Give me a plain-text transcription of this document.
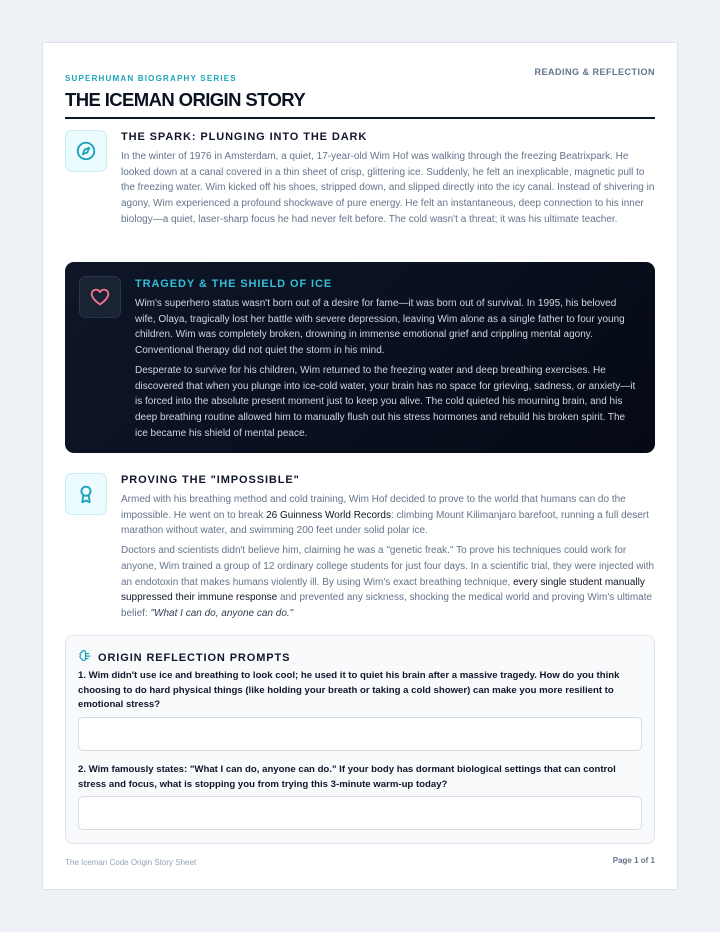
SUPERHUMAN BIOGRAPHY SERIES
READING & REFLECTION
THE ICEMAN ORIGIN STORY
THE SPARK: PLUNGING INTO THE DARK

In the winter of 1976 in Amsterdam, a quiet, 17-year-old Wim Hof was walking through the freezing Beatrixpark. He looked down at a canal covered in a thin sheet of crisp, glittering ice. Suddenly, he felt an inexplicable, magnetic pull to the freezing water. Wim kicked off his shoes, stripped down, and slipped directly into the icy canal. Instead of shivering in agony, Wim experienced a profound shockwave of pure energy. He felt an instantaneous, deep connection to his inner biology—a quiet, laser-sharp focus he had never felt before. The cold wasn't a threat; it was his ultimate teacher.

TRAGEDY & THE SHIELD OF ICE

Wim's superhero status wasn't born out of a desire for fame—it was born out of survival. In 1995, his beloved wife, Olaya, tragically lost her battle with severe depression, leaving Wim alone as a single father to four young children. Wim was completely broken, drowning in immense emotional grief and crippling mental agony. Conventional therapy did not quiet the storm in his mind.

Desperate to survive for his children, Wim returned to the freezing water and deep breathing exercises. He discovered that when you plunge into ice-cold water, your brain has no space for grieving, sadness, or anxiety—it is forced into the absolute present moment just to keep you alive. The cold quieted his mourning brain, and his deep breathing routine allowed him to manually flush out his stress hormones and rebuild his broken spirit. The ice became his shield of mental peace.

PROVING THE "IMPOSSIBLE"

Armed with his breathing method and cold training, Wim Hof decided to prove to the world that humans can do the impossible. He went on to break 26 Guinness World Records: climbing Mount Kilimanjaro barefoot, running a full desert marathon without water, and swimming 200 feet under solid polar ice.

Doctors and scientists didn't believe him, claiming he was a "genetic freak." To prove his techniques could work for anyone, Wim trained a group of 12 ordinary college students for just four days. In a scientific trial, they were injected with an endotoxin that makes humans violently ill. By using Wim's exact breathing technique, every single student manually suppressed their immune response and prevented any sickness, shocking the medical world and proving Wim's ultimate belief: "What I can do, anyone can do."

ORIGIN REFLECTION PROMPTS
1. Wim didn't use ice and breathing to look cool; he used it to quiet his brain after a massive tragedy. How do you think choosing to do hard physical things (like holding your breath or taking a cold shower) can make you more resilient to emotional stress?
2. Wim famously states: "What I can do, anyone can do." If your body has dormant biological settings that can control stress and focus, what is stopping you from trying this 3-minute warm-up today?
The Iceman Code Origin Story Sheet	Page 1 of 1
